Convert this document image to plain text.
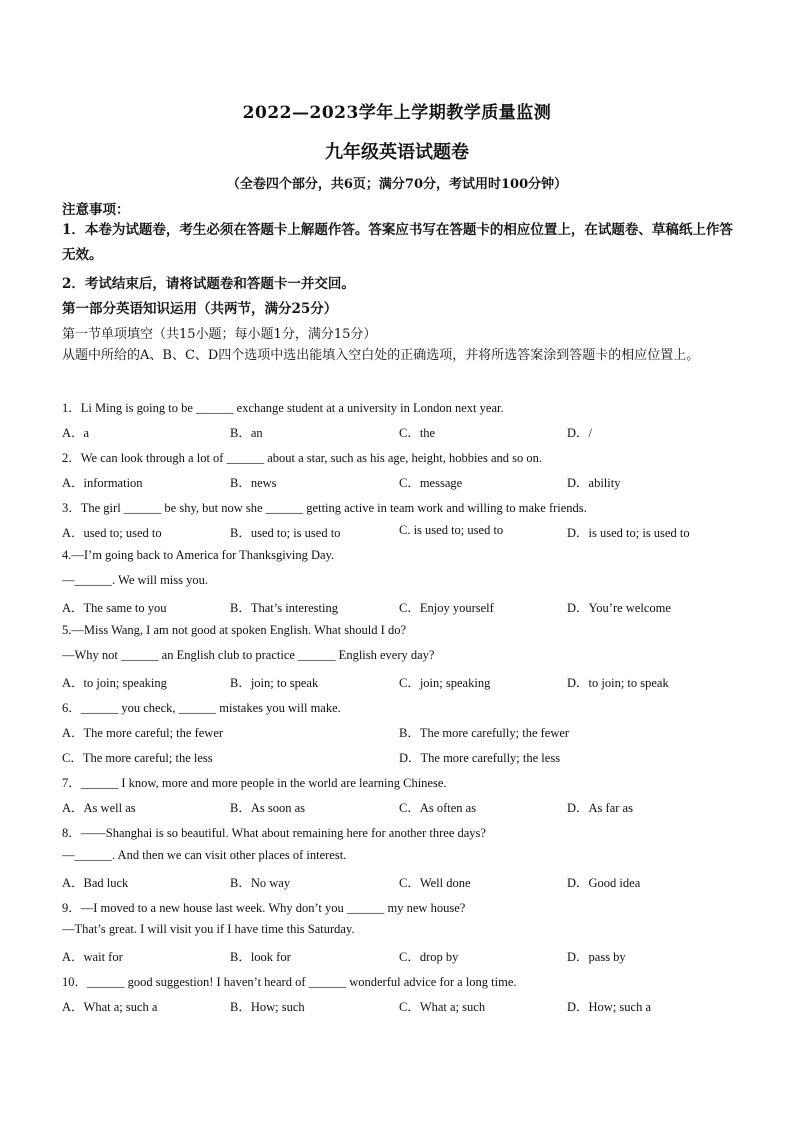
2022—2023学年上学期教学质量监测
九年级英语试题卷
（全卷四个部分，共6页；满分70分，考试用时100分钟）
注意事项：
1．本卷为试题卷，考生必须在答题卡上解题作答。答案应书写在答题卡的相应位置上，在试题卷、草稿纸上作答无效。
2．考试结束后，请将试题卷和答题卡一并交回。
第一部分英语知识运用（共两节，满分25分）
第一节单项填空（共15小题；每小题1分，满分15分）
从题中所给的A、B、C、D四个选项中选出能填入空白处的正确选项，并将所选答案涂到答题卡的相应位置上。
1．Li Ming is going to be ______ exchange student at a university in London next year.
A．a	B．an	C．the	D．/
2．We can look through a lot of ______ about a star, such as his age, height, hobbies and so on.
A．information	B．news	C．message	D．ability
3．The girl ______ be shy, but now she ______ getting active in team work and willing to make friends.
A．used to; used to	B．used to; is used to	C. is used to; used to	D．is used to; is used to
4.—I’m going back to America for Thanksgiving Day.
—______. We will miss you.
A．The same to you	B．That’s interesting	C．Enjoy yourself	D．You’re welcome
5.—Miss Wang, I am not good at spoken English. What should I do?
—Why not ______ an English club to practice ______ English every day?
A．to join; speaking	B．join; to speak	C．join; speaking	D．to join; to speak
6．______ you check, ______ mistakes you will make.
A．The more careful; the fewer	B．The more carefully; the fewer
C．The more careful; the less	D．The more carefully; the less
7．______ I know, more and more people in the world are learning Chinese.
A．As well as	B．As soon as	C．As often as	D．As far as
8．——Shanghai is so beautiful. What about remaining here for another three days?
—______. And then we can visit other places of interest.
A．Bad luck	B．No way	C．Well done	D．Good idea
9．—I moved to a new house last week. Why don’t you ______ my new house?
—That’s great. I will visit you if I have time this Saturday.
A．wait for	B．look for	C．drop by	D．pass by
10．______ good suggestion! I haven’t heard of ______ wonderful advice for a long time.
A．What a; such a	B．How; such	C．What a; such	D．How; such a
